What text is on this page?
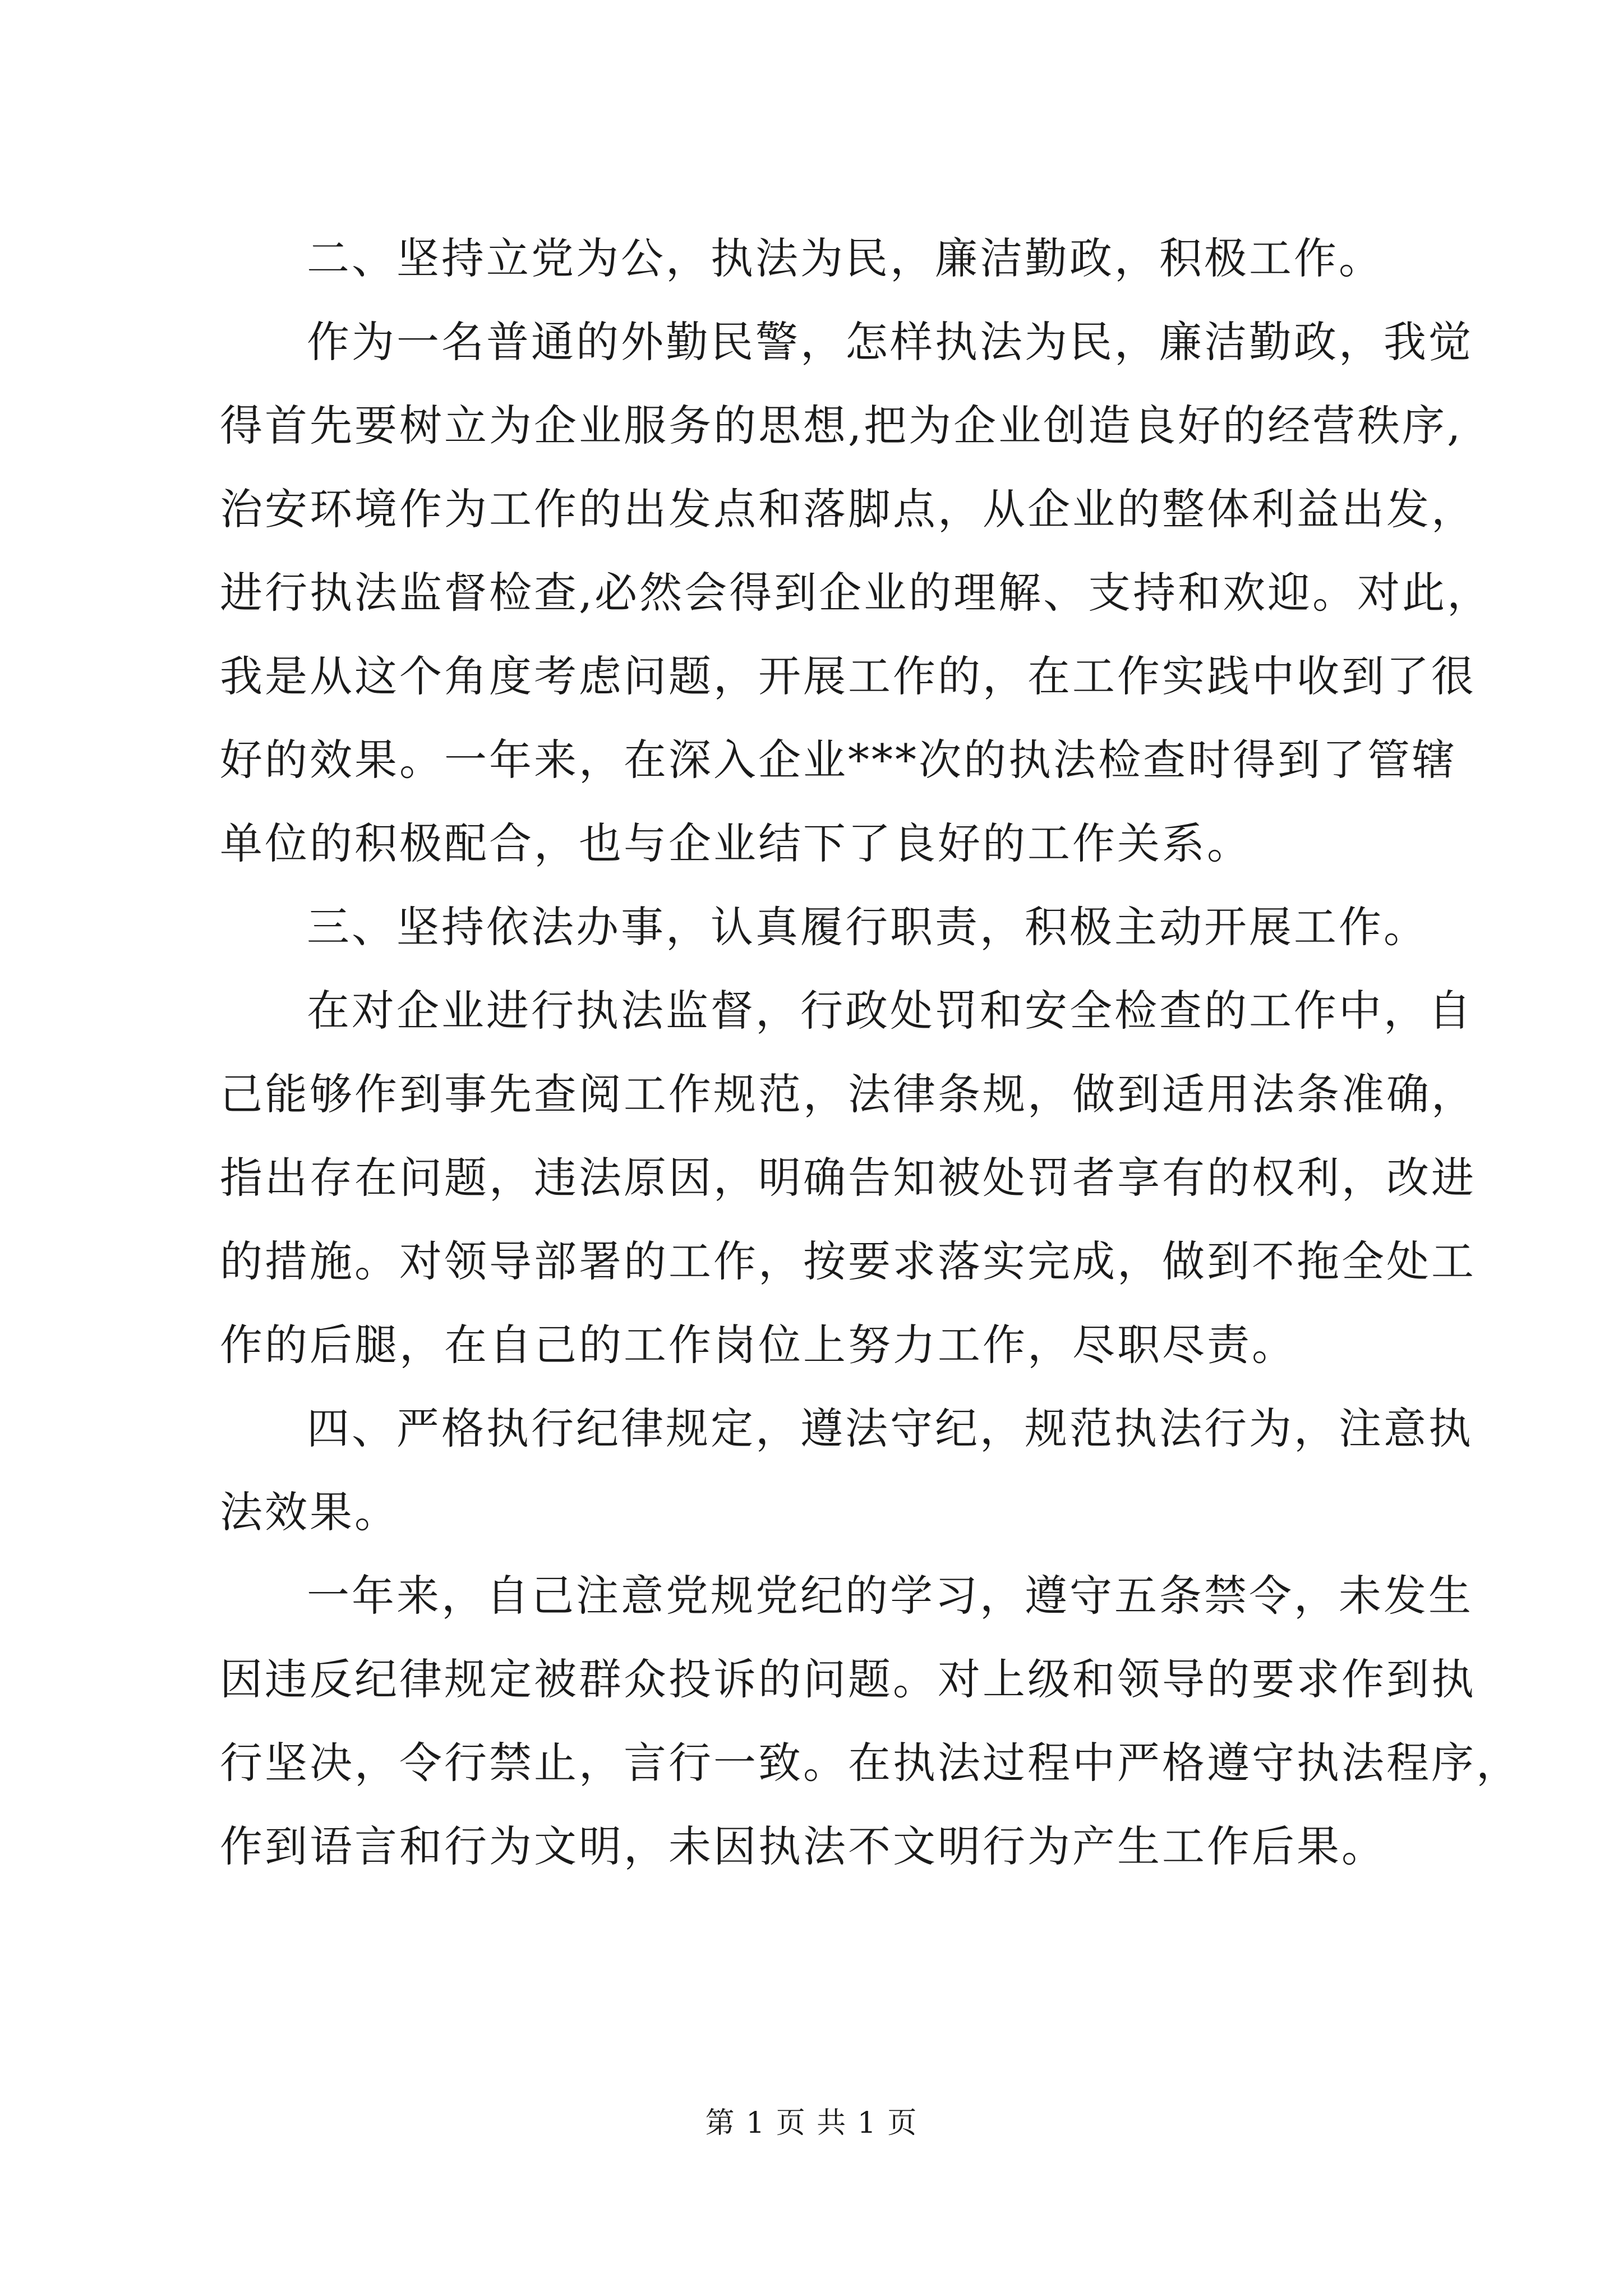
二、坚持立党为公，执法为民，廉洁勤政，积极工作。
作为一名普通的外勤民警，怎样执法为民，廉洁勤政，我觉
得首先要树立为企业服务的思想,把为企业创造良好的经营秩序,
治安环境作为工作的出发点和落脚点，从企业的整体利益出发，
进行执法监督检查,必然会得到企业的理解、支持和欢迎。对此，
我是从这个角度考虑问题，开展工作的，在工作实践中收到了很
好的效果。一年来，在深入企业***次的执法检查时得到了管辖
单位的积极配合，也与企业结下了良好的工作关系。
三、坚持依法办事，认真履行职责，积极主动开展工作。
在对企业进行执法监督，行政处罚和安全检查的工作中，自
己能够作到事先查阅工作规范，法律条规，做到适用法条准确，
指出存在问题，违法原因，明确告知被处罚者享有的权利，改进
的措施。对领导部署的工作，按要求落实完成，做到不拖全处工
作的后腿，在自己的工作岗位上努力工作，尽职尽责。
四、严格执行纪律规定，遵法守纪，规范执法行为，注意执
法效果。
一年来，自己注意党规党纪的学习，遵守五条禁令，未发生
因违反纪律规定被群众投诉的问题。对上级和领导的要求作到执
行坚决，令行禁止，言行一致。在执法过程中严格遵守执法程序，
作到语言和行为文明，未因执法不文明行为产生工作后果。
第 1 页 共 1 页
